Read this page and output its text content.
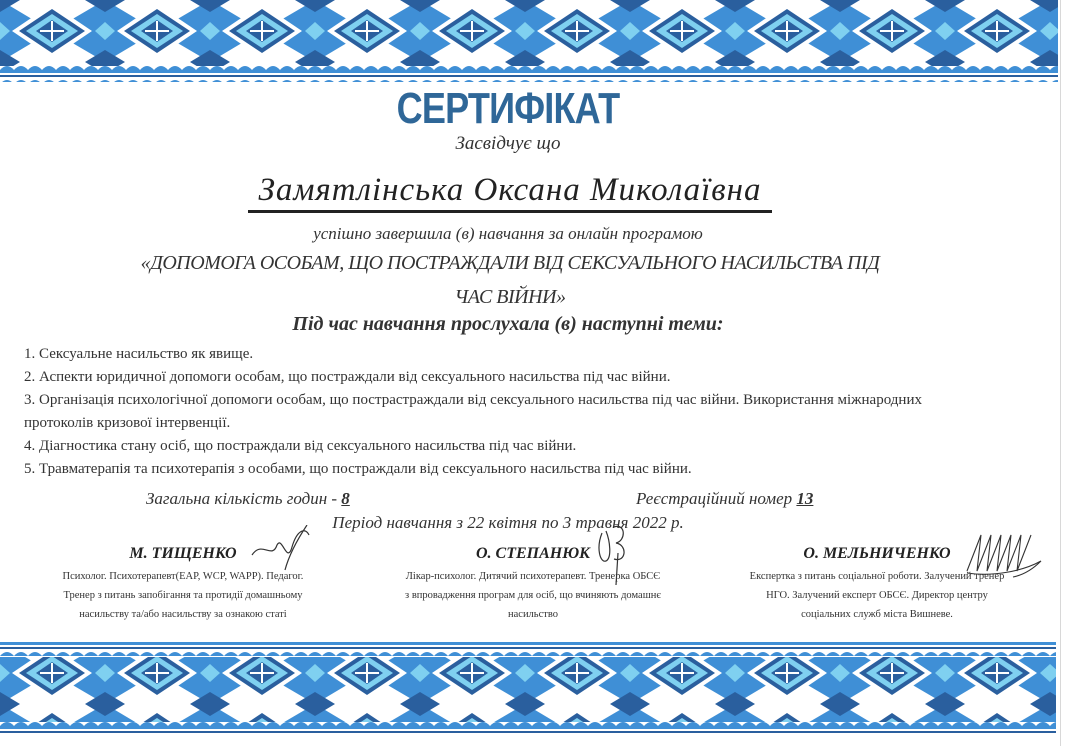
СЕРТИФІКАТ
Засвідчує що
Замятлінська Оксана Миколаївна
успішно завершила (в) навчання за онлайн програмою
«ДОПОМОГА ОСОБАМ, ЩО ПОСТРАЖДАЛИ ВІД СЕКСУАЛЬНОГО НАСИЛЬСТВА ПІД
ЧАС ВІЙНИ»
Під час навчання прослухала (в) наступні теми:
1. Сексуальне насильство як явище.
2. Аспекти юридичної допомоги особам, що постраждали від сексуального насильства під час війни.
3. Організація психологічної допомоги особам, що пострастраждали від сексуального насильства під час війни. Використання міжнародних протоколів кризової інтервенції.
4. Діагностика стану осіб, що постраждали від сексуального насильства під час війни.
5. Травматерапія та психотерапія з особами, що постраждали від сексуального насильства під час війни.
Загальна кількість годин - 8	Реєстраційний номер 13
Період навчання з 22 квітня по 3 травня 2022 р.
М. ТИЩЕНКО
Психолог. Психотерапевт(EAP, WCP, WAPP). Педагог.
Тренер з питань запобігання та протидії домашньому
насильству та/або насильству за ознакою статі
О. СТЕПАНЮК
Лікар-психолог. Дитячий психотерапевт. Тренерка ОБСЄ
з впровадження програм для осіб, що вчиняють домашнє
насильство
О. МЕЛЬНИЧЕНКО
Експертка з питань соціальної роботи. Залучений тренер
НГО. Залучений експерт ОБСЄ. Директор центру
соціальних служб міста Вишневе.
